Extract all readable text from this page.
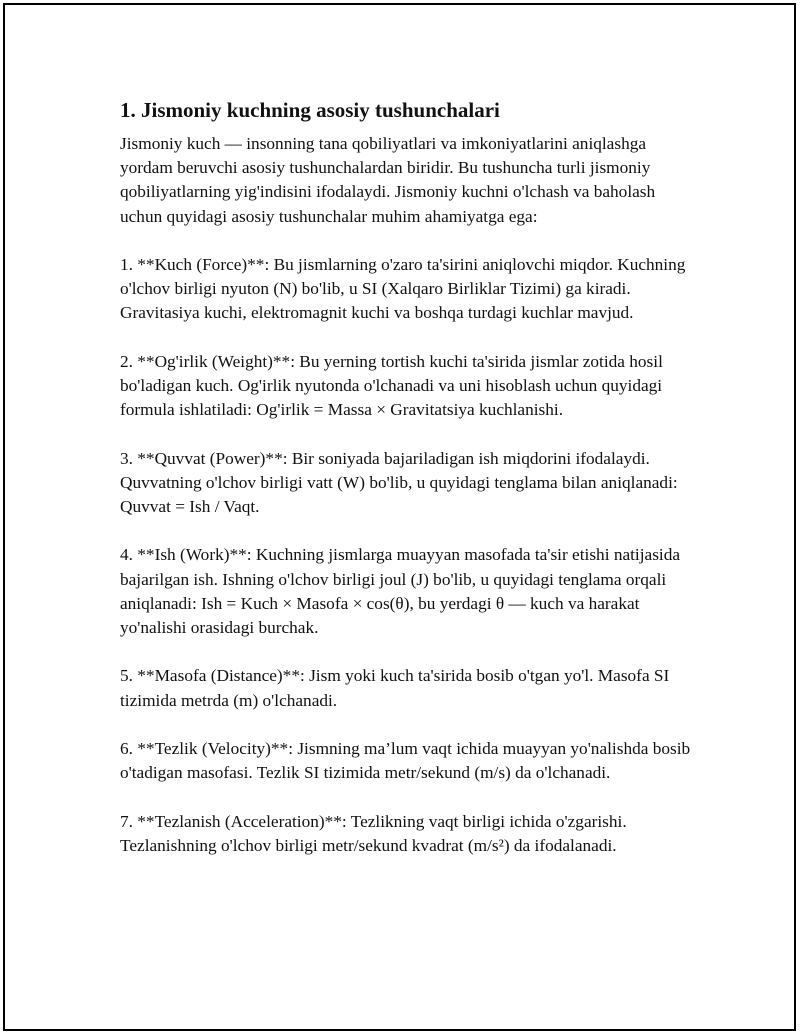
1. Jismoniy kuchning asosiy tushunchalari

Jismoniy kuch — insonning tana qobiliyatlari va imkoniyatlarini aniqlashga yordam beruvchi asosiy tushunchalardan biridir. Bu tushuncha turli jismoniy qobiliyatlarning yig'indisini ifodalaydi. Jismoniy kuchni o'lchash va baholash uchun quyidagi asosiy tushunchalar muhim ahamiyatga ega:

1. **Kuch (Force)**: Bu jismlarning o'zaro ta'sirini aniqlovchi miqdor. Kuchning o'lchov birligi nyuton (N) bo'lib, u SI (Xalqaro Birliklar Tizimi) ga kiradi. Gravitasiya kuchi, elektromagnit kuchi va boshqa turdagi kuchlar mavjud.

2. **Og'irlik (Weight)**: Bu yerning tortish kuchi ta'sirida jismlar zotida hosil bo'ladigan kuch. Og'irlik nyutonda o'lchanadi va uni hisoblash uchun quyidagi formula ishlatiladi: Og'irlik = Massa × Gravitatsiya kuchlanishi.

3. **Quvvat (Power)**: Bir soniyada bajariladigan ish miqdorini ifodalaydi. Quvvatning o'lchov birligi vatt (W) bo'lib, u quyidagi tenglama bilan aniqlanadi: Quvvat = Ish / Vaqt.

4. **Ish (Work)**: Kuchning jismlarga muayyan masofada ta'sir etishi natijasida bajarilgan ish. Ishning o'lchov birligi joul (J) bo'lib, u quyidagi tenglama orqali aniqlanadi: Ish = Kuch × Masofa × cos(θ), bu yerdagi θ — kuch va harakat yo'nalishi orasidagi burchak.

5. **Masofa (Distance)**: Jism yoki kuch ta'sirida bosib o'tgan yo'l. Masofa SI tizimida metrda (m) o'lchanadi.

6. **Tezlik (Velocity)**: Jismning ma’lum vaqt ichida muayyan yo'nalishda bosib o'tadigan masofasi. Tezlik SI tizimida metr/sekund (m/s) da o'lchanadi.

7. **Tezlanish (Acceleration)**: Tezlikning vaqt birligi ichida o'zgarishi. Tezlanishning o'lchov birligi metr/sekund kvadrat (m/s²) da ifodalanadi.
